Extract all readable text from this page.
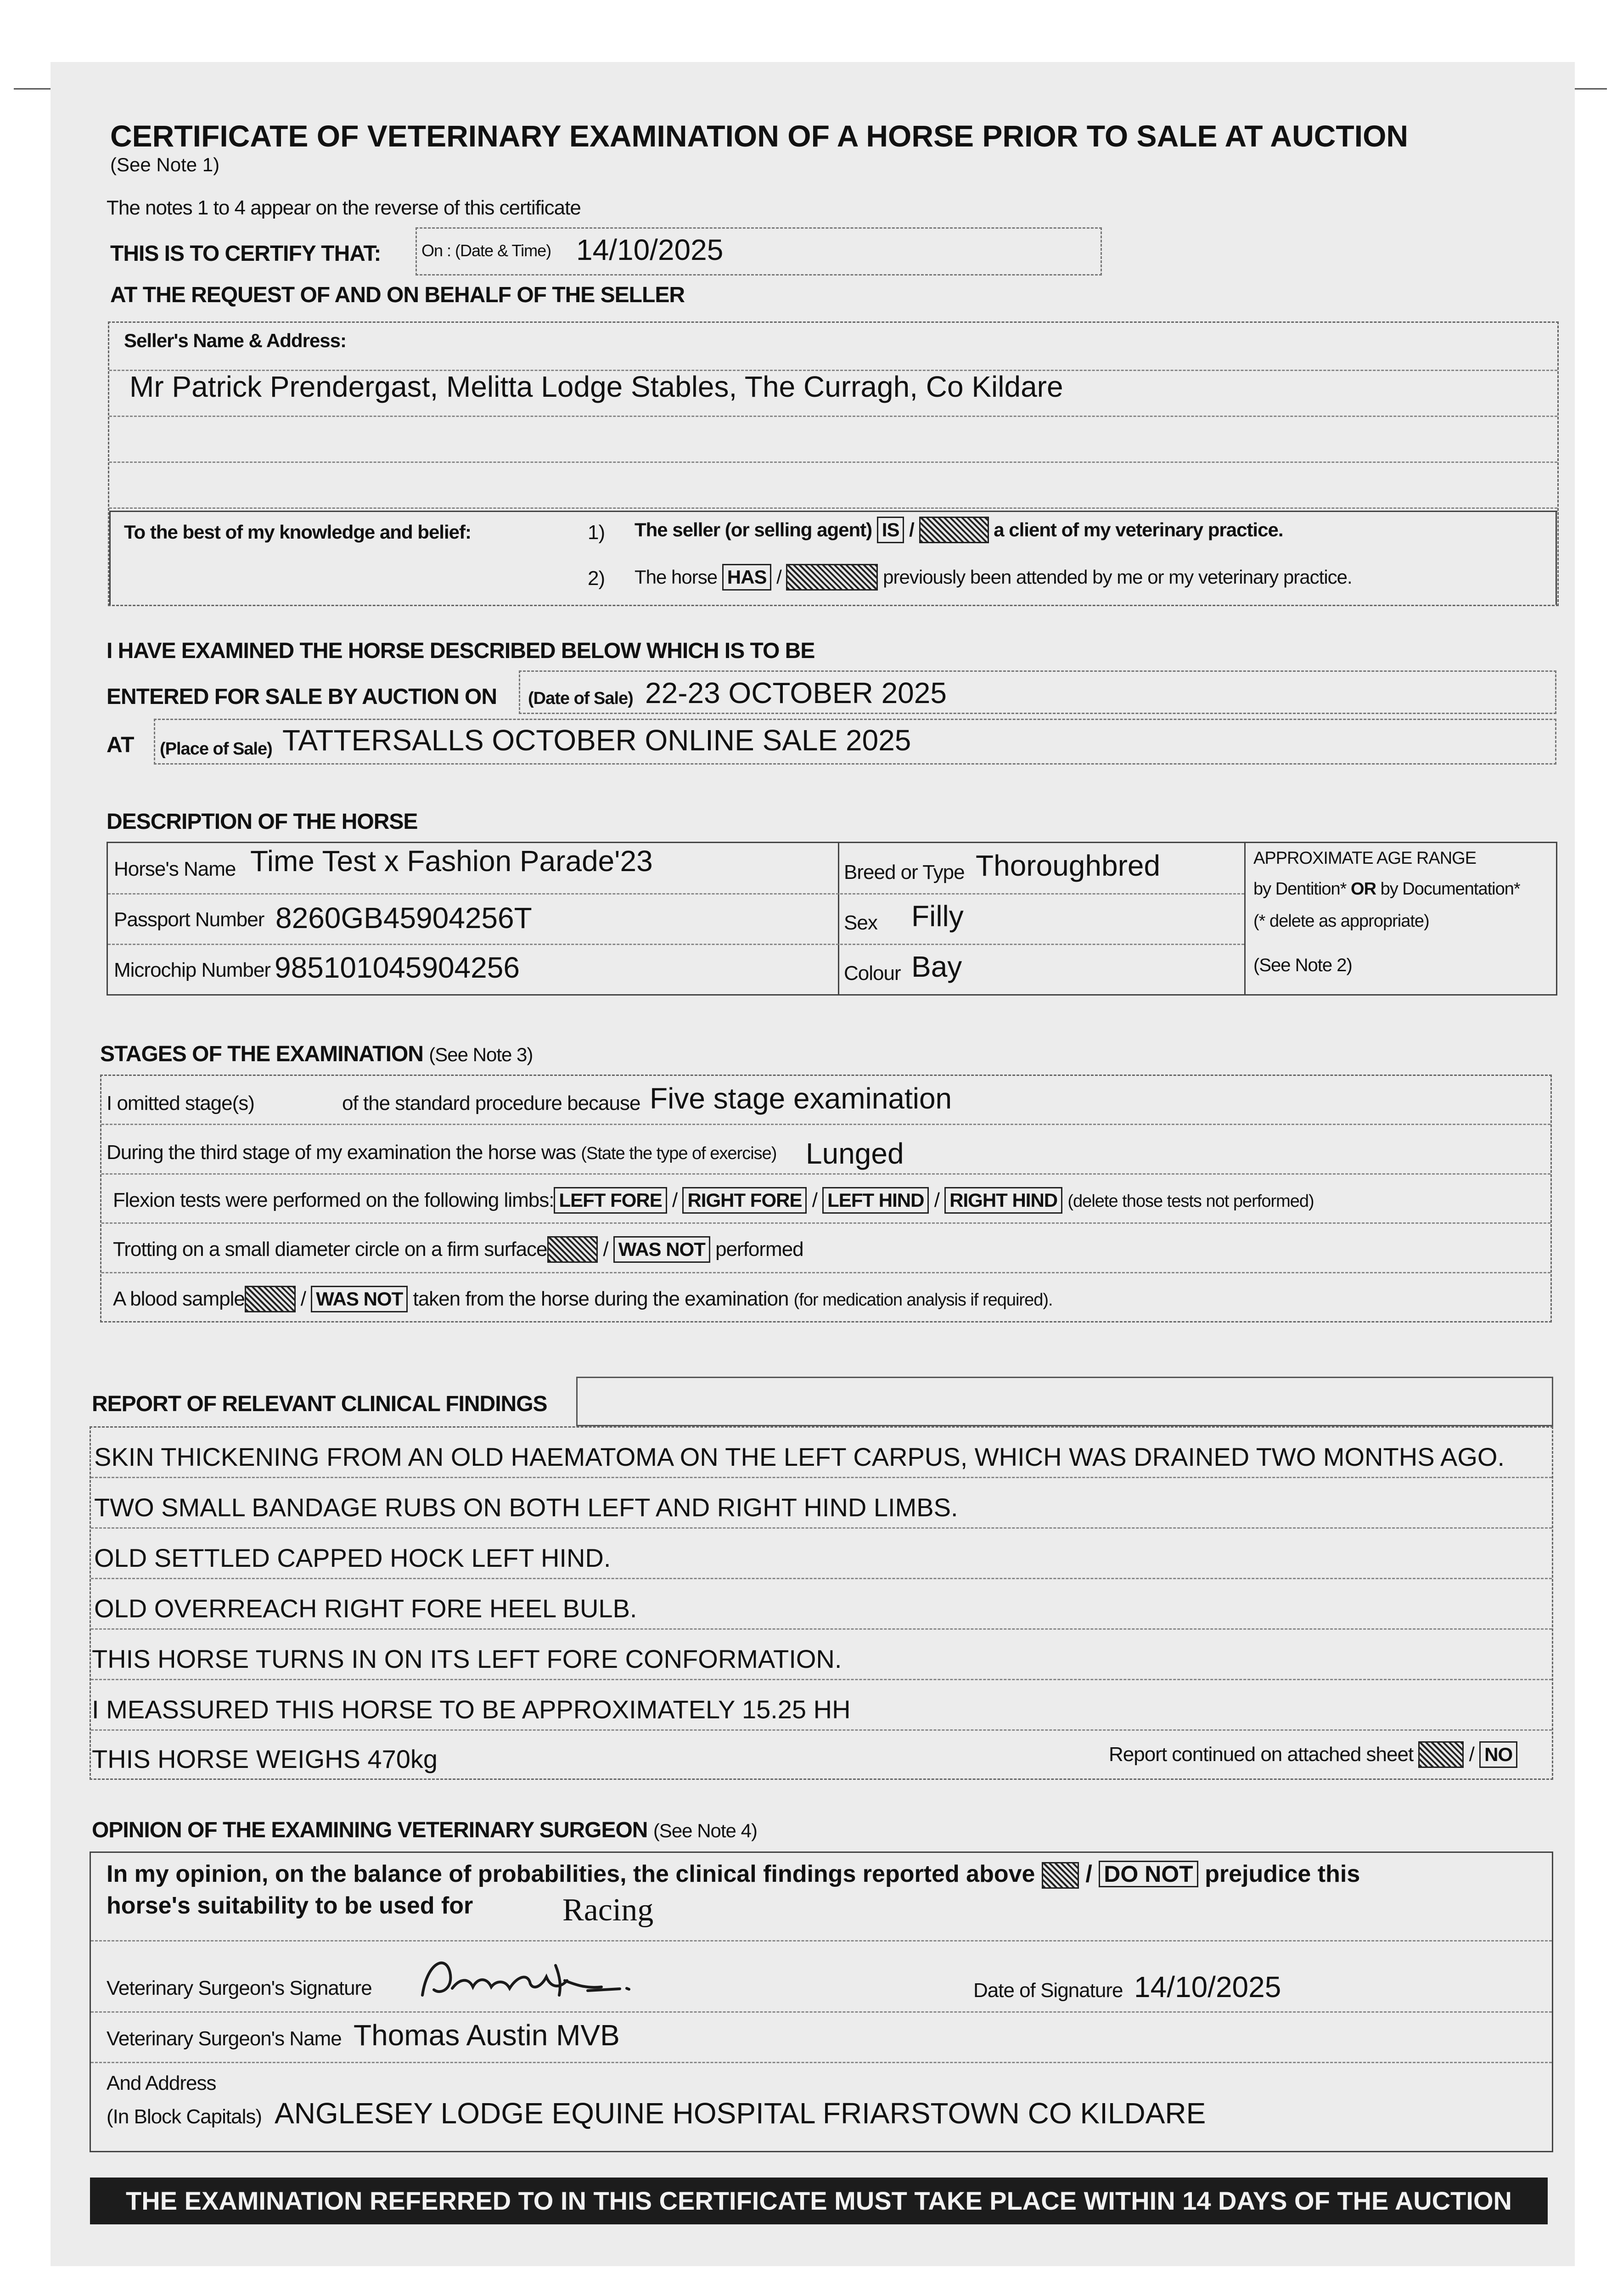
CERTIFICATE OF VETERINARY EXAMINATION OF A HORSE PRIOR TO SALE AT AUCTION
(See Note 1)
The notes 1 to 4 appear on the reverse of this certificate
THIS IS TO CERTIFY THAT: On : (Date & Time) 14/10/2025
AT THE REQUEST OF AND ON BEHALF OF THE SELLER
Seller's Name & Address:
Mr Patrick Prendergast, Melitta Lodge Stables, The Curragh, Co Kildare
To the best of my knowledge and belief:	1) The seller (or selling agent) IS /	a client of my veterinary practice.
2) The horse HAS /	previously been attended by me or my veterinary practice.
I HAVE EXAMINED THE HORSE DESCRIBED BELOW WHICH IS TO BE
ENTERED FOR SALE BY AUCTION ON (Date of Sale) 22-23 OCTOBER 2025
AT (Place of Sale) TATTERSALLS OCTOBER ONLINE SALE 2025
DESCRIPTION OF THE HORSE
Horse's Name Time Test x Fashion Parade'23
Passport Number 8260GB45904256T
Microchip Number 985101045904256
Breed or Type Thoroughbred
Sex Filly
Colour Bay
APPROXIMATE AGE RANGE
by Dentition* OR by Documentation*
(* delete as appropriate)
(See Note 2)
STAGES OF THE EXAMINATION (See Note 3)
I omitted stage(s)	of the standard procedure because Five stage examination
During the third stage of my examination the horse was (State the type of exercise) Lunged
Flexion tests were performed on the following limbs: LEFT FORE / RIGHT FORE / LEFT HIND / RIGHT HIND (delete those tests not performed)
Trotting on a small diameter circle on a firm surface	/ WAS NOT performed
A blood sample	/ WAS NOT taken from the horse during the examination (for medication analysis if required).
REPORT OF RELEVANT CLINICAL FINDINGS
SKIN THICKENING FROM AN OLD HAEMATOMA ON THE LEFT CARPUS, WHICH WAS DRAINED TWO MONTHS AGO.
TWO SMALL BANDAGE RUBS ON BOTH LEFT AND RIGHT HIND LIMBS.
OLD SETTLED CAPPED HOCK LEFT HIND.
OLD OVERREACH RIGHT FORE HEEL BULB.
THIS HORSE TURNS IN ON ITS LEFT FORE CONFORMATION.
I MEASSURED THIS HORSE TO BE APPROXIMATELY 15.25 HH
THIS HORSE WEIGHS 470kg	Report continued on attached sheet	/ NO
OPINION OF THE EXAMINING VETERINARY SURGEON (See Note 4)
In my opinion, on the balance of probabilities, the clinical findings reported above  / DO NOT prejudice this
horse's suitability to be used for	Racing
Veterinary Surgeon's Signature	Date of Signature 14/10/2025
Veterinary Surgeon's Name Thomas Austin MVB
And Address
(In Block Capitals) ANGLESEY LODGE EQUINE HOSPITAL FRIARSTOWN CO KILDARE
THE EXAMINATION REFERRED TO IN THIS CERTIFICATE MUST TAKE PLACE WITHIN 14 DAYS OF THE AUCTION
